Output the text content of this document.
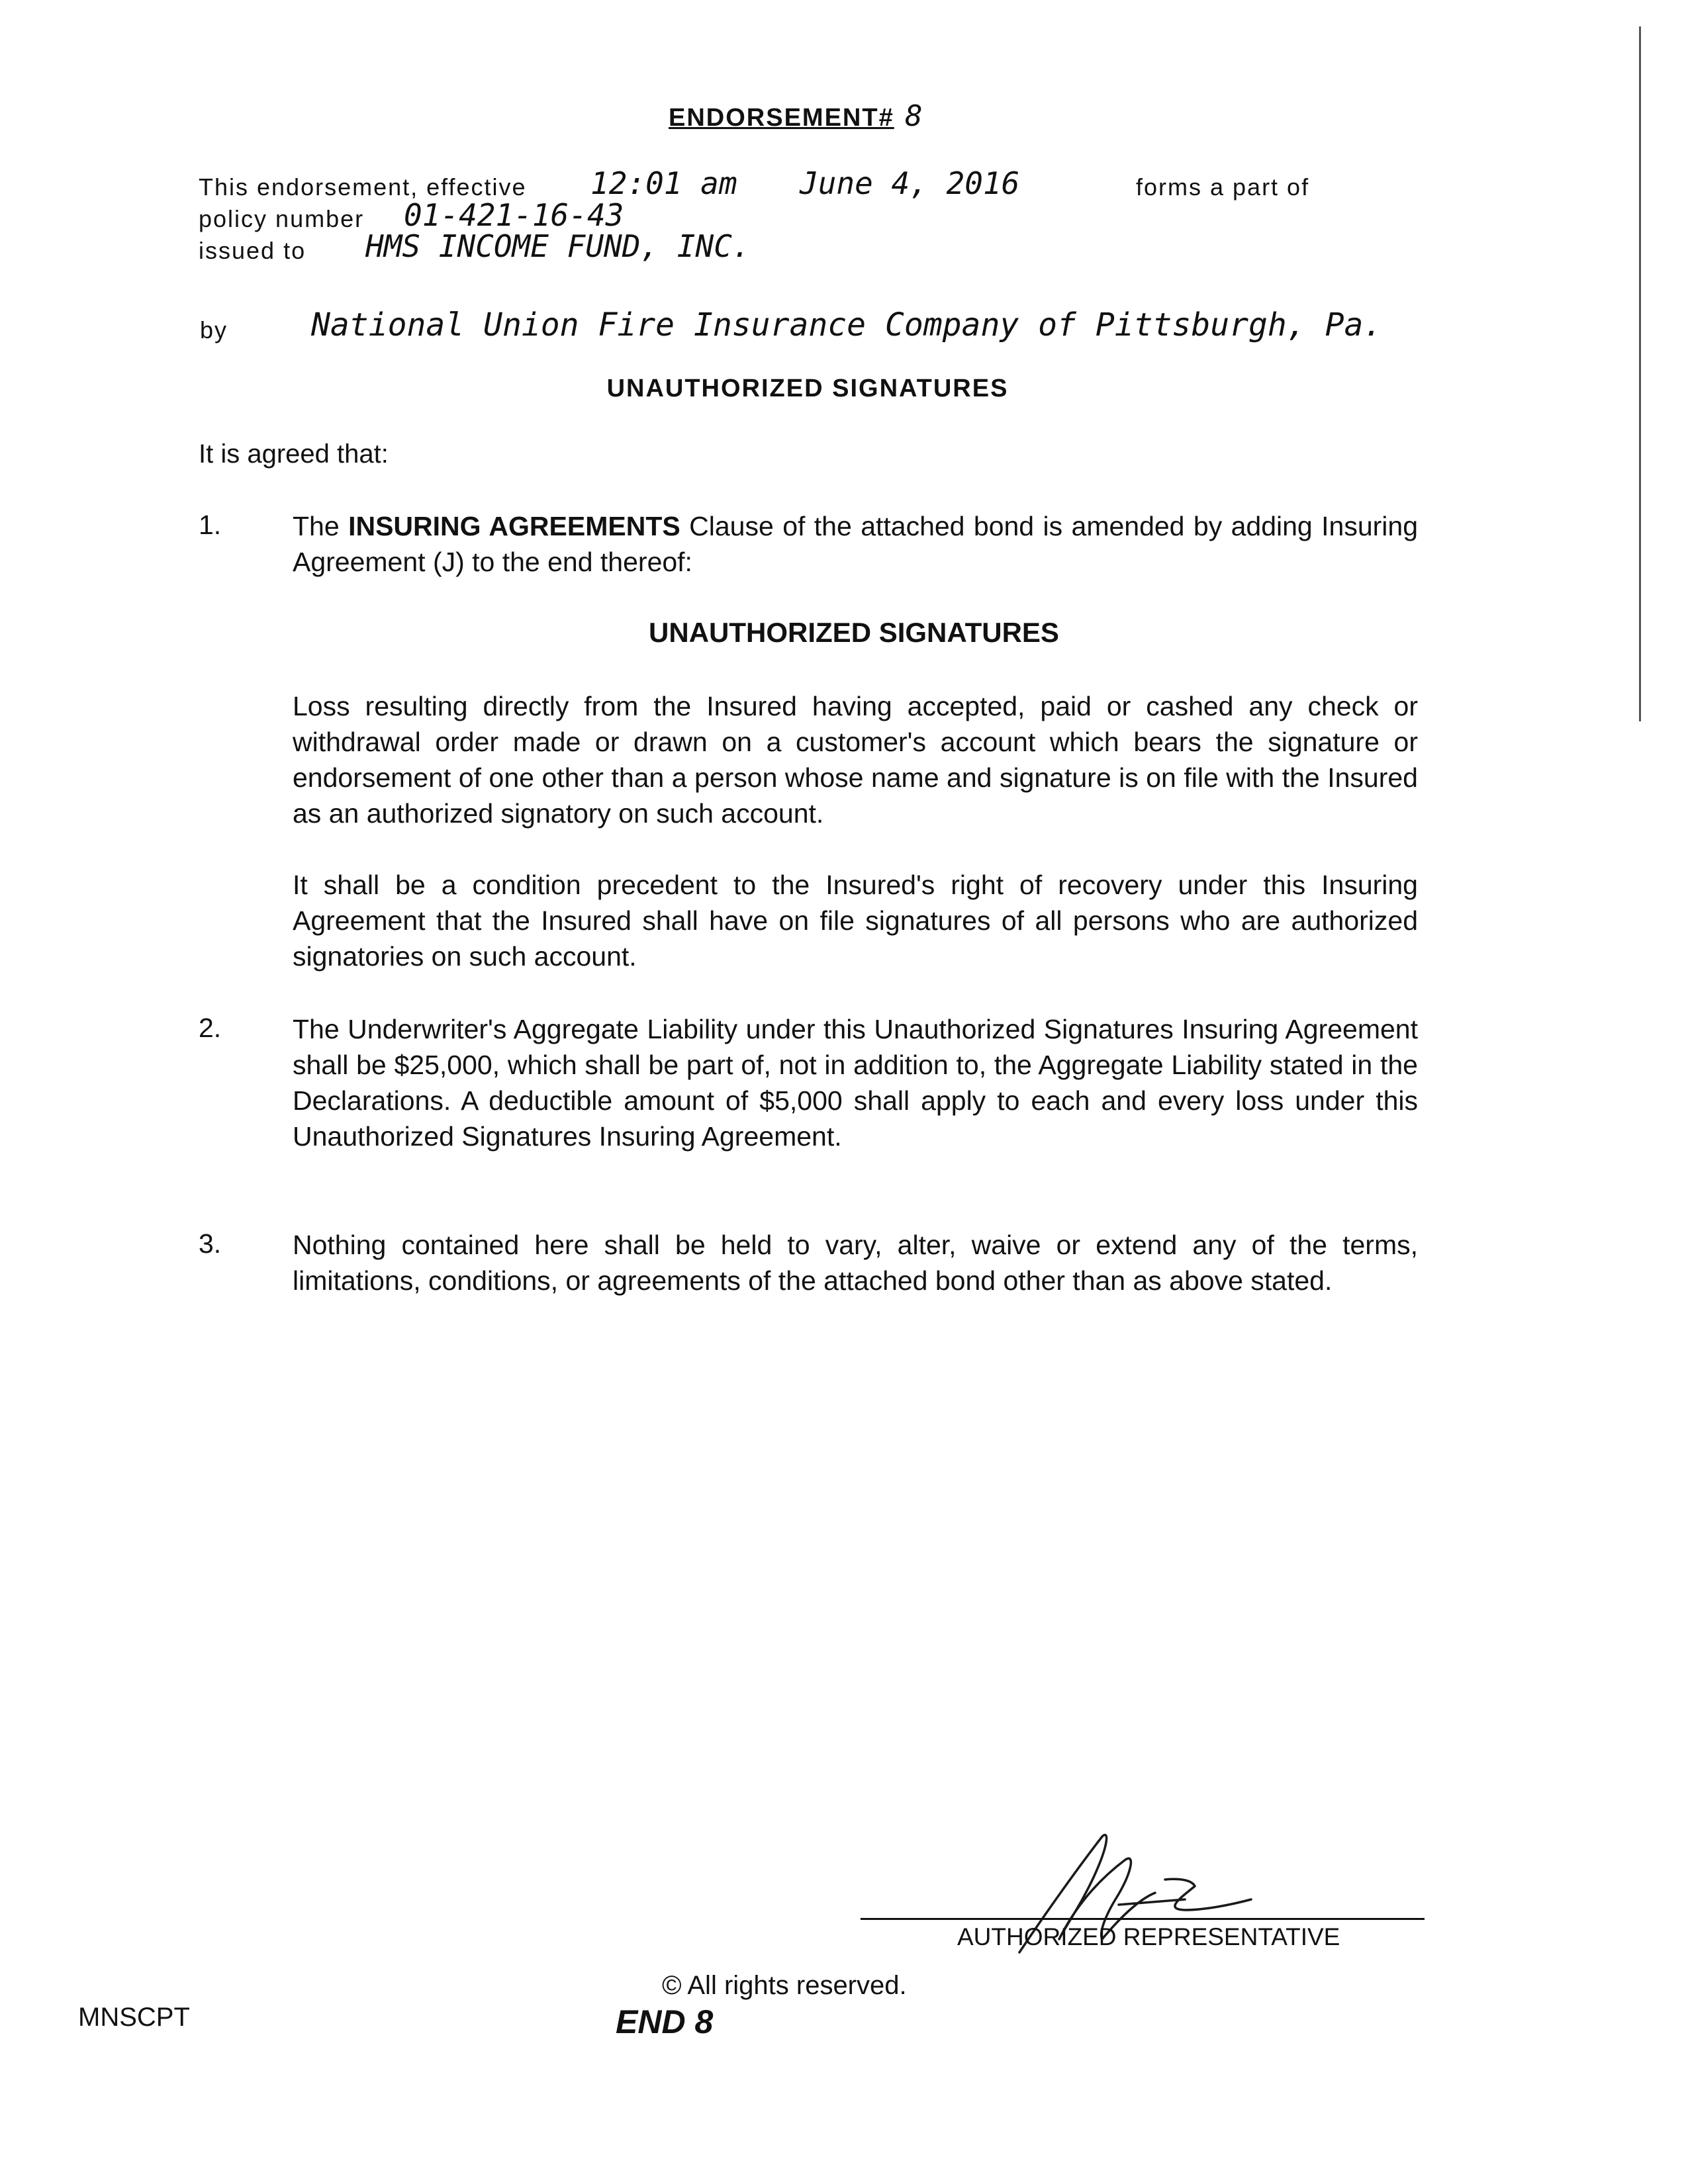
ENDORSEMENT# 8
This endorsement, effective 12:01 am June 4, 2016	forms a part of
policy number 01-421-16-43
issued to HMS INCOME FUND, INC.
by	National Union Fire Insurance Company of Pittsburgh, Pa.
UNAUTHORIZED SIGNATURES
It is agreed that:
1.	The INSURING AGREEMENTS Clause of the attached bond is amended by adding Insuring Agreement (J) to the end thereof:
UNAUTHORIZED SIGNATURES
Loss resulting directly from the Insured having accepted, paid or cashed any check or withdrawal order made or drawn on a customer's account which bears the signature or endorsement of one other than a person whose name and signature is on file with the Insured as an authorized signatory on such account.
It shall be a condition precedent to the Insured's right of recovery under this Insuring Agreement that the Insured shall have on file signatures of all persons who are authorized signatories on such account.
2.	The Underwriter's Aggregate Liability under this Unauthorized Signatures Insuring Agreement shall be $25,000, which shall be part of, not in addition to, the Aggregate Liability stated in the Declarations. A deductible amount of $5,000 shall apply to each and every loss under this Unauthorized Signatures Insuring Agreement.
3.	Nothing contained here shall be held to vary, alter, waive or extend any of the terms, limitations, conditions, or agreements of the attached bond other than as above stated.
AUTHORIZED REPRESENTATIVE
MNSCPT
© All rights reserved.
END 8
